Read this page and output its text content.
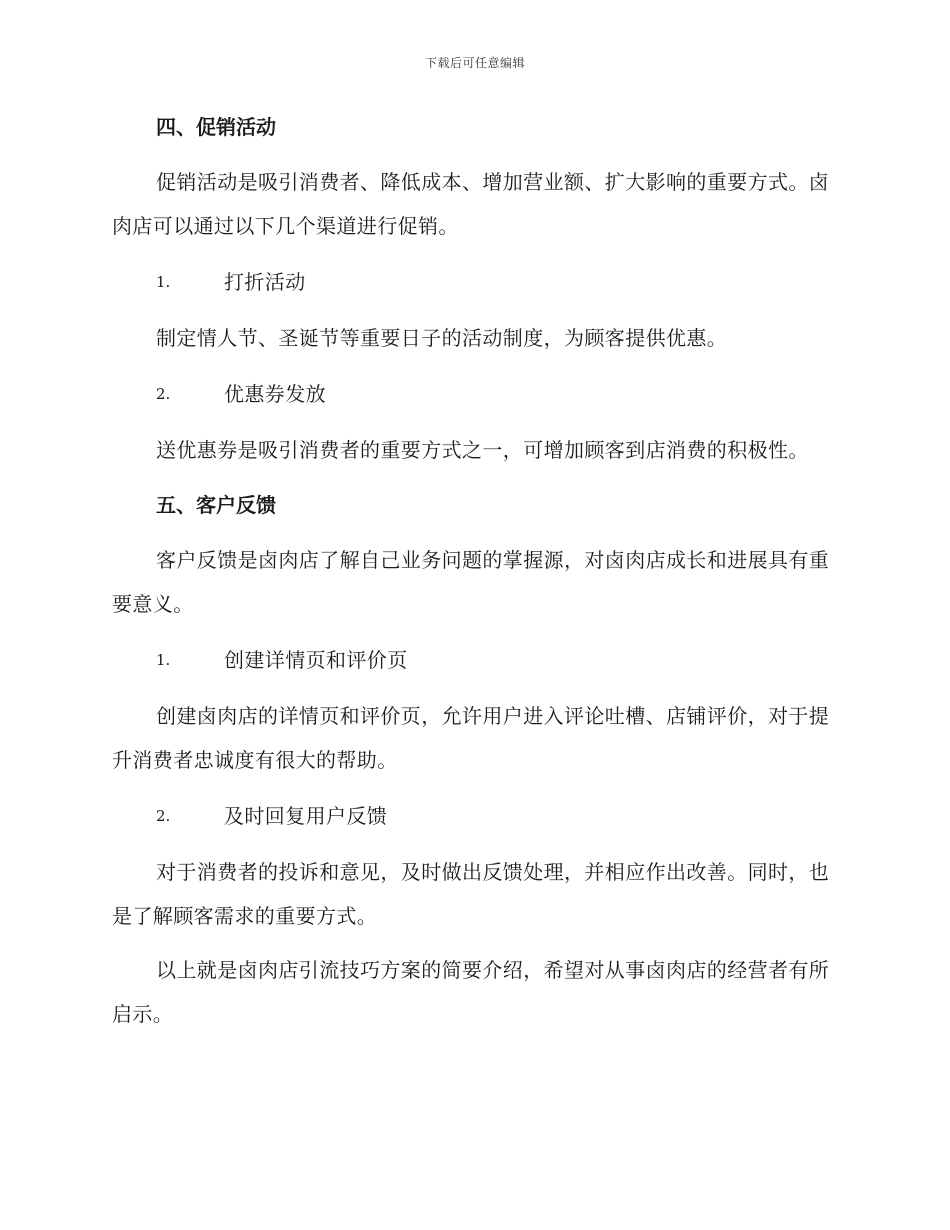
下载后可任意编辑
四、促销活动

促销活动是吸引消费者、降低成本、增加营业额、扩大影响的重要方式。卤肉店可以通过以下几个渠道进行促销。

1.	打折活动

制定情人节、圣诞节等重要日子的活动制度，为顾客提供优惠。

2.	优惠券发放

送优惠券是吸引消费者的重要方式之一，可增加顾客到店消费的积极性。

五、客户反馈

客户反馈是卤肉店了解自己业务问题的掌握源，对卤肉店成长和进展具有重要意义。

1.	创建详情页和评价页

创建卤肉店的详情页和评价页，允许用户进入评论吐槽、店铺评价，对于提升消费者忠诚度有很大的帮助。

2.	及时回复用户反馈

对于消费者的投诉和意见，及时做出反馈处理，并相应作出改善。同时，也是了解顾客需求的重要方式。

以上就是卤肉店引流技巧方案的简要介绍，希望对从事卤肉店的经营者有所启示。
